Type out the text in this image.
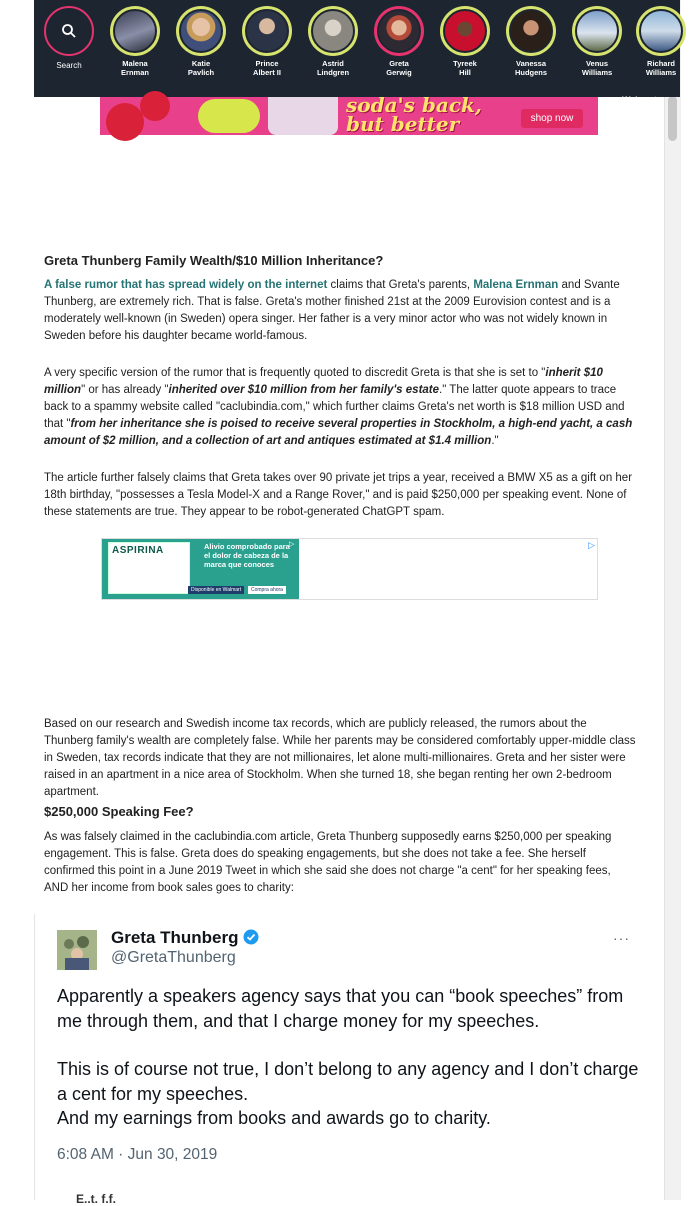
Search	Malena
Ernman
Katie
Pavlich
Prince
Albert II
Astrid
Lindgren
Greta
Gerwig
Tyreek
Hill
Vanessa
Hudgens
Venus
Williams
Richard
Williams
soda's back,
but better
Walmart
shop now
Greta Thunberg Family Wealth/$10 Million Inheritance?
A false rumor that has spread widely on the internet claims that Greta's parents, Malena Ernman and Svante Thunberg, are extremely rich. That is false. Greta's mother finished 21st at the 2009 Eurovision contest and is a moderately well-known (in Sweden) opera singer. Her father is a very minor actor who was not widely known in Sweden before his daughter became world-famous.
A very specific version of the rumor that is frequently quoted to discredit Greta is that she is set to "inherit $10 million" or has already "inherited over $10 million from her family's estate." The latter quote appears to trace back to a spammy website called "caclubindia.com," which further claims Greta's net worth is $18 million USD and that "from her inheritance she is poised to receive several properties in Stockholm, a high-end yacht, a cash amount of $2 million, and a collection of art and antiques estimated at $1.4 million."
The article further falsely claims that Greta takes over 90 private jet trips a year, received a BMW X5 as a gift on her 18th birthday, "possesses a Tesla Model-X and a Range Rover," and is paid $250,000 per speaking event. None of these statements are true. They appear to be robot-generated ChatGPT spam.
ASPIRINA	Alivio comprobado para el dolor de cabeza de la marca que conoces
Disponible en Walmart	Compra ahora
▷	▷
Based on our research and Swedish income tax records, which are publicly released, the rumors about the Thunberg family's wealth are completely false. While her parents may be considered comfortably upper-middle class in Sweden, tax records indicate that they are not millionaires, let alone multi-millionaires. Greta and her sister were raised in an apartment in a nice area of Stockholm. When she turned 18, she began renting her own 2-bedroom apartment.
$250,000 Speaking Fee?
As was falsely claimed in the caclubindia.com article, Greta Thunberg supposedly earns $250,000 per speaking engagement. This is false. Greta does do speaking engagements, but she does not take a fee. She herself confirmed this point in a June 2019 Tweet in which she said she does not charge "a cent" for her speaking fees, AND her income from book sales goes to charity:
Greta Thunberg
@GretaThunberg
···
Apparently a speakers agency says that you can “book speeches” from me through them, and that I charge money for my speeches.
This is of course not true, I don’t belong to any agency and I don’t charge a cent for my speeches.
And my earnings from books and awards go to charity.
6:08 AM · Jun 30, 2019
E..t. f.f.
